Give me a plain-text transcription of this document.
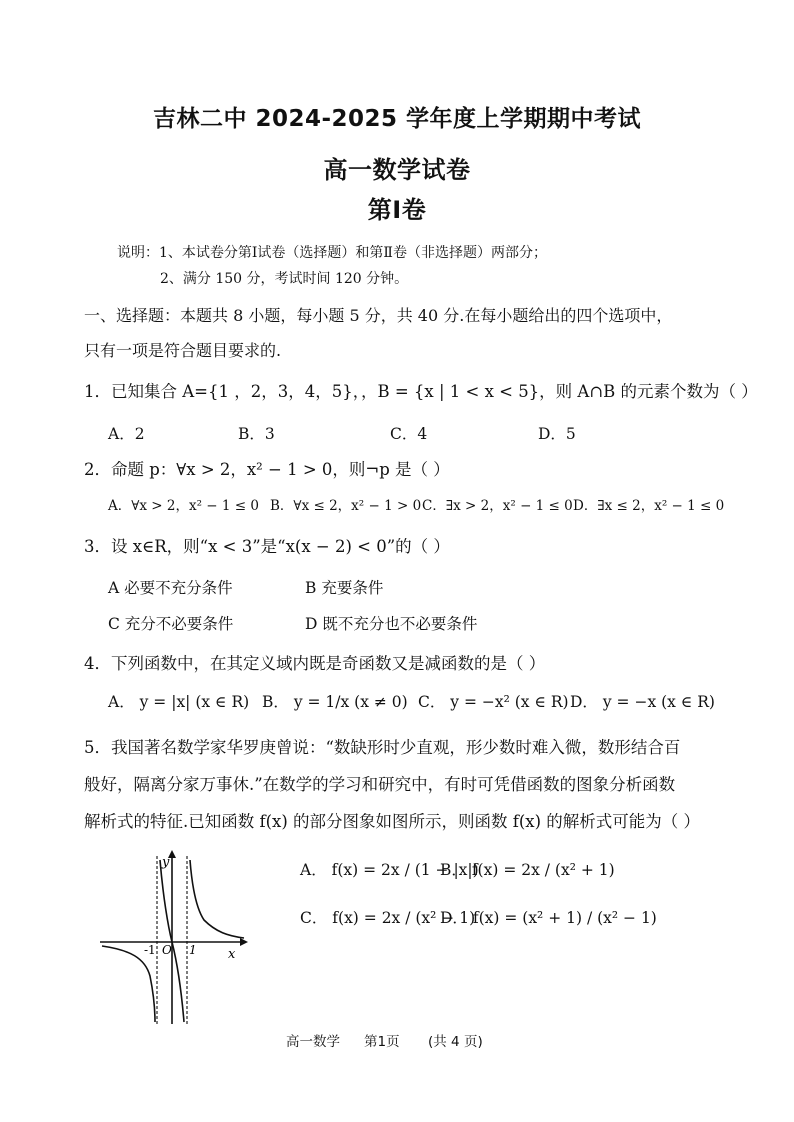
吉林二中 2024-2025 学年度上学期期中考试
高一数学试卷
第Ⅰ卷
说明：1、本试卷分第Ⅰ试卷（选择题）和第Ⅱ卷（非选择题）两部分；
2、满分 150 分，考试时间 120 分钟。
一、选择题：本题共 8 小题，每小题 5 分，共 40 分.在每小题给出的四个选项中，
只有一项是符合题目要求的.
1．已知集合 A={1 ，2，3，4，5}，，B = {x | 1 < x < 5}，则 A∩B 的元素个数为（ ）
A．2	B．3	C．4	D．5
2．命题 p：∀x > 2，x² − 1 > 0，则¬p 是（ ）
A．∀x > 2，x² − 1 ≤ 0 B．∀x ≤ 2，x² − 1 > 0 C．∃x > 2，x² − 1 ≤ 0 D．∃x ≤ 2，x² − 1 ≤ 0
3．设 x∈R，则“x < 3”是“x(x − 2) < 0”的（ ）
A 必要不充分条件	B 充要条件
C 充分不必要条件	D 既不充分也不必要条件
4．下列函数中，在其定义域内既是奇函数又是减函数的是（ ）
A． y = |x| (x ∈ R) B． y = 1/x (x ≠ 0) C． y = −x² (x ∈ R) D． y = −x (x ∈ R)
5．我国著名数学家华罗庚曾说：“数缺形时少直观，形少数时难入微，数形结合百
般好，隔离分家万事休.”在数学的学习和研究中，有时可凭借函数的图象分析函数
解析式的特征.已知函数 f(x) 的部分图象如图所示，则函数 f(x) 的解析式可能为（ ）
A． f(x) = 2x / (1 − |x|)
B． f(x) = 2x / (x² + 1)
C． f(x) = 2x / (x² − 1)
D． f(x) = (x² + 1) / (x² − 1)
y
x
O
-1	1
高一数学 第1页 (共 4 页)
